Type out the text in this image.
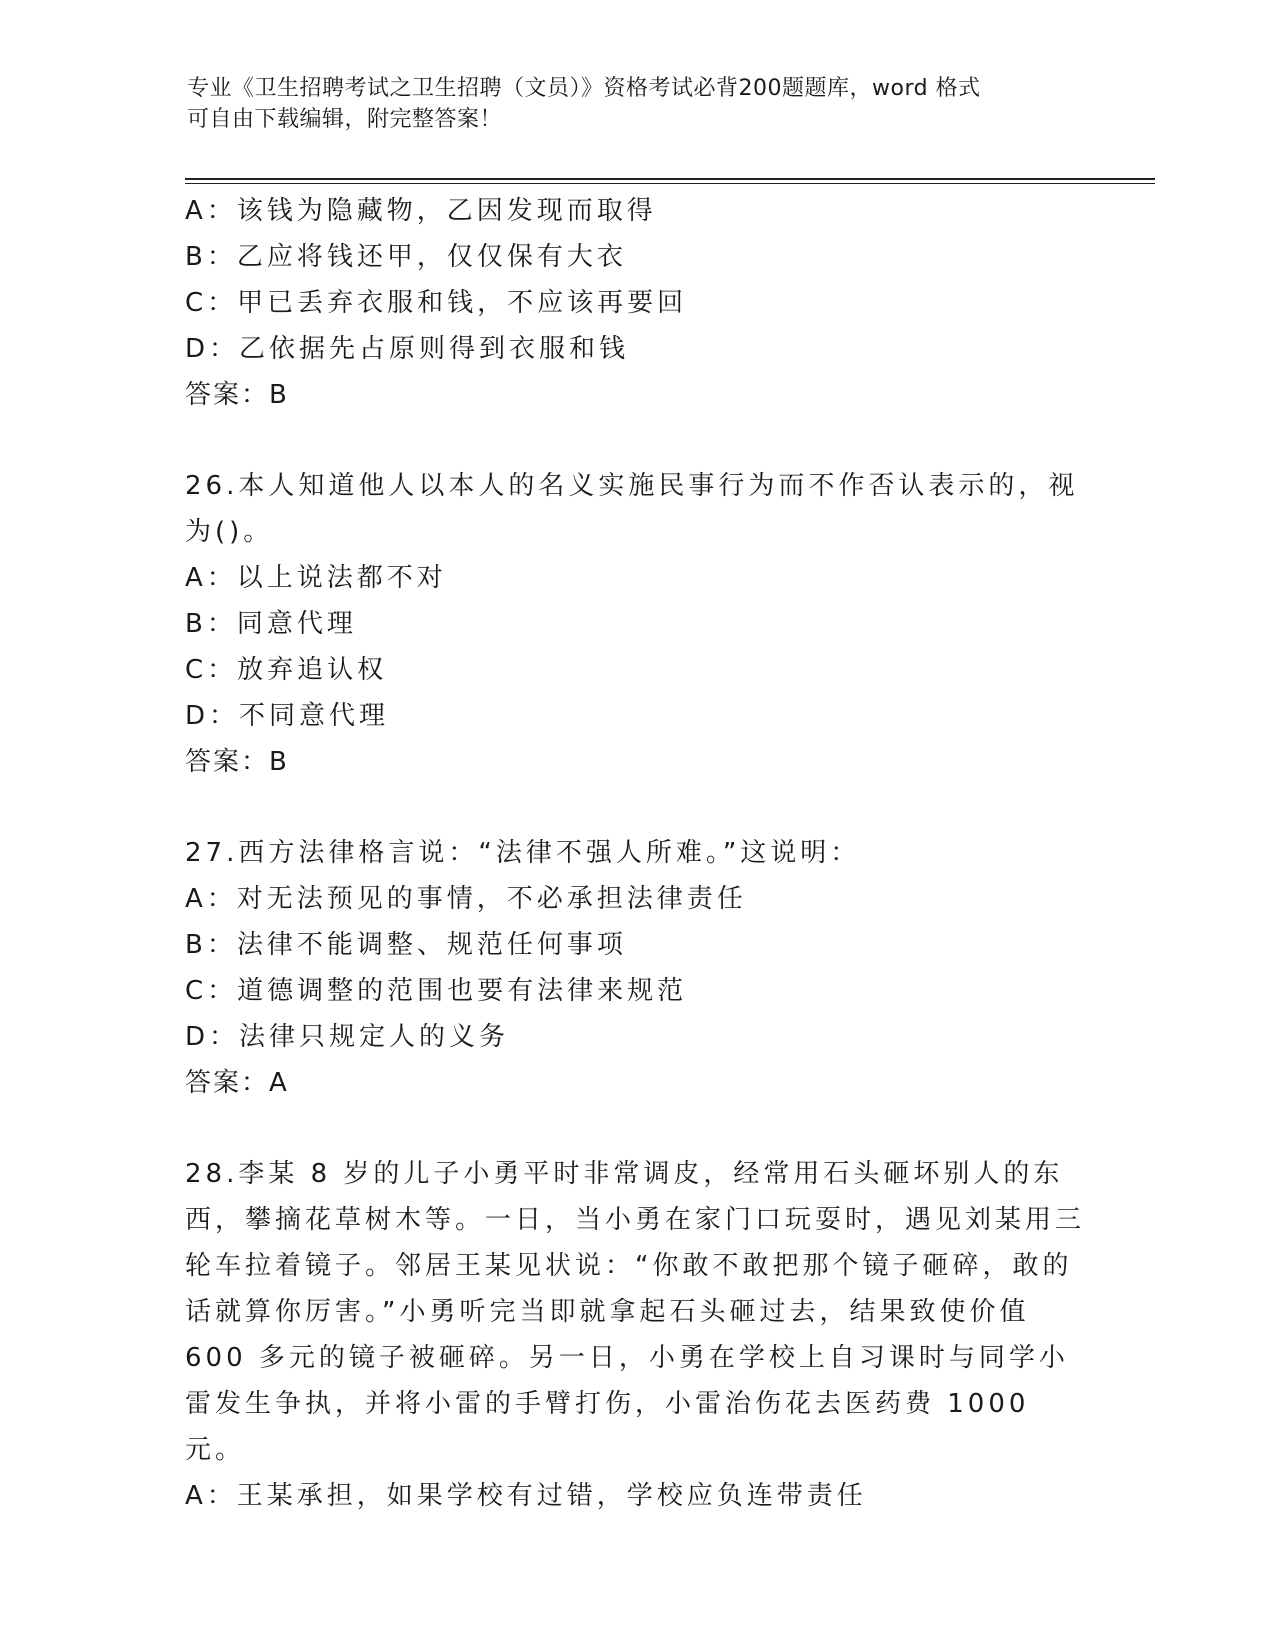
专业《卫生招聘考试之卫生招聘（文员）》资格考试必背200题题库，word 格式
可自由下载编辑，附完整答案！
A：该钱为隐藏物，乙因发现而取得
B：乙应将钱还甲，仅仅保有大衣
C：甲已丢弃衣服和钱，不应该再要回
D：乙依据先占原则得到衣服和钱
答案：B
26.本人知道他人以本人的名义实施民事行为而不作否认表示的，视为()。
A：以上说法都不对
B：同意代理
C：放弃追认权
D：不同意代理
答案：B
27.西方法律格言说：“法律不强人所难。”这说明：
A：对无法预见的事情，不必承担法律责任
B：法律不能调整、规范任何事项
C：道德调整的范围也要有法律来规范
D：法律只规定人的义务
答案：A
28.李某 8 岁的儿子小勇平时非常调皮，经常用石头砸坏别人的东西，攀摘花草树木等。一日，当小勇在家门口玩耍时，遇见刘某用三轮车拉着镜子。邻居王某见状说：“你敢不敢把那个镜子砸碎，敢的话就算你厉害。”小勇听完当即就拿起石头砸过去，结果致使价值 600 多元的镜子被砸碎。另一日，小勇在学校上自习课时与同学小雷发生争执，并将小雷的手臂打伤，小雷治伤花去医药费 1000 元。
A：王某承担，如果学校有过错，学校应负连带责任
